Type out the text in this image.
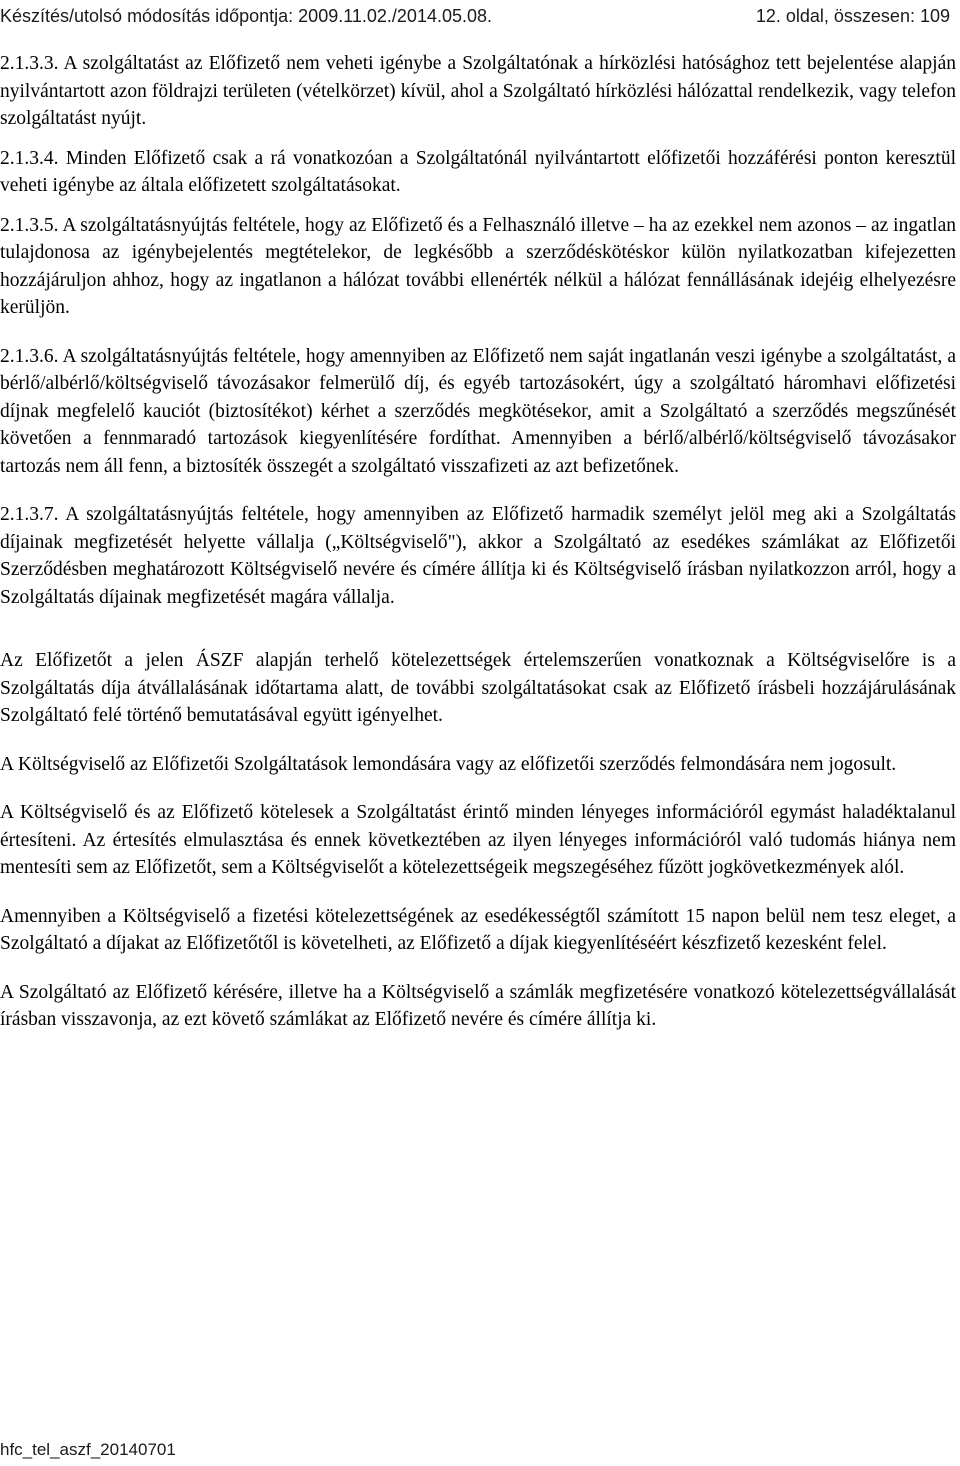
Készítés/utolsó módosítás időpontja: 2009.11.02./2014.05.08.	12. oldal, összesen: 109

2.1.3.3. A szolgáltatást az Előfizető nem veheti igénybe a Szolgáltatónak a hírközlési hatósághoz tett bejelentése alapján nyilvántartott azon földrajzi területen (vételkörzet) kívül, ahol a Szolgáltató hírközlési hálózattal rendelkezik, vagy telefon szolgáltatást nyújt.

2.1.3.4. Minden Előfizető csak a rá vonatkozóan a Szolgáltatónál nyilvántartott előfizetői hozzáférési ponton keresztül veheti igénybe az általa előfizetett szolgáltatásokat.

2.1.3.5. A szolgáltatásnyújtás feltétele, hogy az Előfizető és a Felhasználó illetve – ha az ezekkel nem azonos – az ingatlan tulajdonosa az igénybejelentés megtételekor, de legkésőbb a szerződéskötéskor külön nyilatkozatban kifejezetten hozzájáruljon ahhoz, hogy az ingatlanon a hálózat további ellenérték nélkül a hálózat fennállásának idejéig elhelyezésre kerüljön.

2.1.3.6. A szolgáltatásnyújtás feltétele, hogy amennyiben az Előfizető nem saját ingatlanán veszi igénybe a szolgáltatást, a bérlő/albérlő/költségviselő távozásakor felmerülő díj, és egyéb tartozásokért, úgy a szolgáltató háromhavi előfizetési díjnak megfelelő kauciót (biztosítékot) kérhet a szerződés megkötésekor, amit a Szolgáltató a szerződés megszűnését követően a fennmaradó tartozások kiegyenlítésére fordíthat. Amennyiben a bérlő/albérlő/költségviselő távozásakor tartozás nem áll fenn, a biztosíték összegét a szolgáltató visszafizeti az azt befizetőnek.

2.1.3.7. A szolgáltatásnyújtás feltétele, hogy amennyiben az Előfizető harmadik személyt jelöl meg aki a Szolgáltatás díjainak megfizetését helyette vállalja („Költségviselő"), akkor a Szolgáltató az esedékes számlákat az Előfizetői Szerződésben meghatározott Költségviselő nevére és címére állítja ki és Költségviselő írásban nyilatkozzon arról, hogy a Szolgáltatás díjainak megfizetését magára vállalja.

Az Előfizetőt a jelen ÁSZF alapján terhelő kötelezettségek értelemszerűen vonatkoznak a Költségviselőre is a Szolgáltatás díja átvállalásának időtartama alatt, de további szolgáltatásokat csak az Előfizető írásbeli hozzájárulásának Szolgáltató felé történő bemutatásával együtt igényelhet.

A Költségviselő az Előfizetői Szolgáltatások lemondására vagy az előfizetői szerződés felmondására nem jogosult.

A Költségviselő és az Előfizető kötelesek a Szolgáltatást érintő minden lényeges információról egymást haladéktalanul értesíteni. Az értesítés elmulasztása és ennek következtében az ilyen lényeges információról való tudomás hiánya nem mentesíti sem az Előfizetőt, sem a Költségviselőt a kötelezettségeik megszegéséhez fűzött jogkövetkezmények alól.

Amennyiben a Költségviselő a fizetési kötelezettségének az esedékességtől számított 15 napon belül nem tesz eleget, a Szolgáltató a díjakat az Előfizetőtől is követelheti, az Előfizető a díjak kiegyenlítéséért készfizető kezesként felel.

A Szolgáltató az Előfizető kérésére, illetve ha a Költségviselő a számlák megfizetésére vonatkozó kötelezettségvállalását írásban visszavonja, az ezt követő számlákat az Előfizető nevére és címére állítja ki.

hfc_tel_aszf_20140701
